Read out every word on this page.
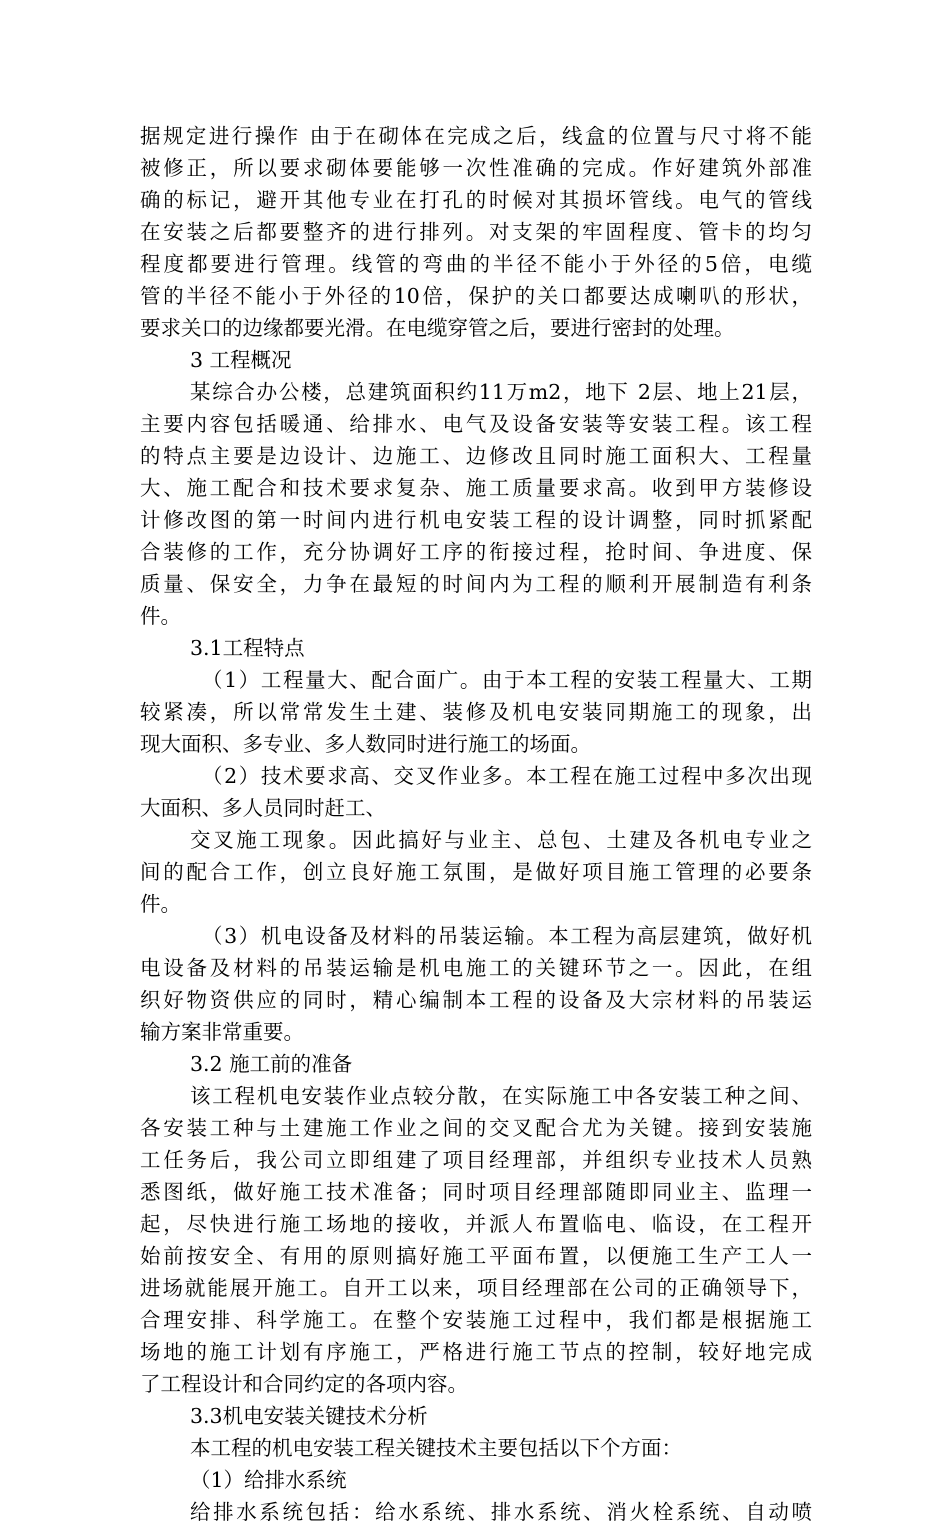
据规定进行操作 由于在砌体在完成之后，线盒的位置与尺寸将不能
被修正，所以要求砌体要能够一次性准确的完成。作好建筑外部准
确的标记，避开其他专业在打孔的时候对其损坏管线。电气的管线
在安装之后都要整齐的进行排列。对支架的牢固程度、管卡的均匀
程度都要进行管理。线管的弯曲的半径不能小于外径的5倍，电缆
管的半径不能小于外径的10倍，保护的关口都要达成喇叭的形状，
要求关口的边缘都要光滑。在电缆穿管之后，要进行密封的处理。
3 工程概况
某综合办公楼，总建筑面积约11万m2，地下 2层、地上21层，
主要内容包括暖通、给排水、电气及设备安装等安装工程。该工程
的特点主要是边设计、边施工、边修改且同时施工面积大、工程量
大、施工配合和技术要求复杂、施工质量要求高。收到甲方装修设
计修改图的第一时间内进行机电安装工程的设计调整，同时抓紧配
合装修的工作，充分协调好工序的衔接过程，抢时间、争进度、保
质量、保安全，力争在最短的时间内为工程的顺利开展制造有利条
件。
3.1工程特点
（1）工程量大、配合面广。由于本工程的安装工程量大、工期
较紧凑，所以常常发生土建、装修及机电安装同期施工的现象，出
现大面积、多专业、多人数同时进行施工的场面。
（2）技术要求高、交叉作业多。本工程在施工过程中多次出现
大面积、多人员同时赶工、
交叉施工现象。因此搞好与业主、总包、土建及各机电专业之
间的配合工作，创立良好施工氛围，是做好项目施工管理的必要条
件。
（3）机电设备及材料的吊装运输。本工程为高层建筑，做好机
电设备及材料的吊装运输是机电施工的关键环节之一。因此，在组
织好物资供应的同时，精心编制本工程的设备及大宗材料的吊装运
输方案非常重要。
3.2 施工前的准备
该工程机电安装作业点较分散，在实际施工中各安装工种之间、
各安装工种与土建施工作业之间的交叉配合尤为关键。接到安装施
工任务后，我公司立即组建了项目经理部，并组织专业技术人员熟
悉图纸，做好施工技术准备；同时项目经理部随即同业主、监理一
起，尽快进行施工场地的接收，并派人布置临电、临设，在工程开
始前按安全、有用的原则搞好施工平面布置，以便施工生产工人一
进场就能展开施工。自开工以来，项目经理部在公司的正确领导下，
合理安排、科学施工。在整个安装施工过程中，我们都是根据施工
场地的施工计划有序施工，严格进行施工节点的控制，较好地完成
了工程设计和合同约定的各项内容。
3.3机电安装关键技术分析
本工程的机电安装工程关键技术主要包括以下个方面：
（1）给排水系统
给排水系统包括：给水系统、排水系统、消火栓系统、自动喷
